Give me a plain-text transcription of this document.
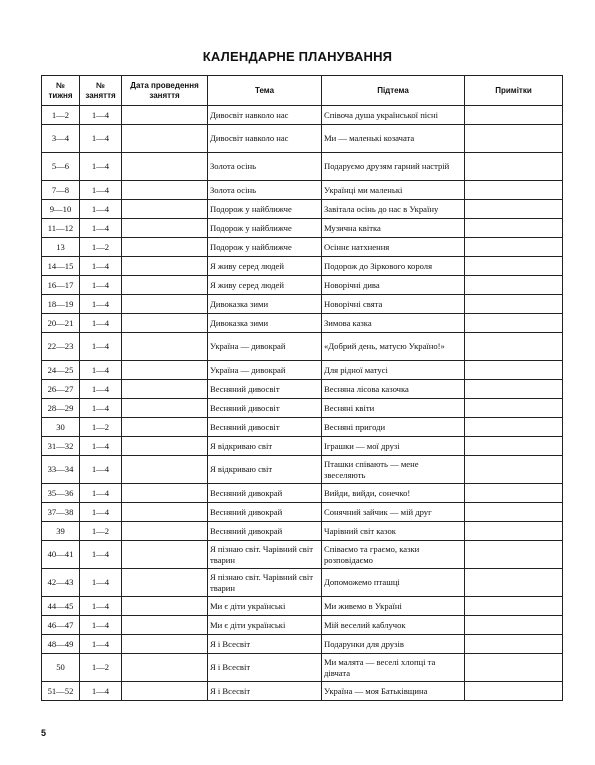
КАЛЕНДАРНЕ ПЛАНУВАННЯ
№ тижня	№ заняття	Дата проведення заняття	Тема	Підтема	Примітки
1—2	1—4		Дивосвіт навколо нас	Співоча душа української пісні	
3—4	1—4		Дивосвіт навколо нас	Ми — маленькі козачата	
5—6	1—4		Золота осінь	Подаруємо друзям гарний настрій	
7—8	1—4		Золота осінь	Українці ми маленькі	
9—10	1—4		Подорож у найближче	Завітала осінь до нас в Україну	
11—12	1—4		Подорож у найближче	Музична квітка	
13	1—2		Подорож у найближче	Осіннє натхнення	
14—15	1—4		Я живу серед людей	Подорож до Зіркового короля	
16—17	1—4		Я живу серед людей	Новорічні дива	
18—19	1—4		Дивоказка зими	Новорічні свята	
20—21	1—4		Дивоказка зими	Зимова казка	
22—23	1—4		Україна — дивокрай	«Добрий день, матусю Україно!»	
24—25	1—4		Україна — дивокрай	Для рідної матусі	
26—27	1—4		Весняний дивосвіт	Весняна лісова казочка	
28—29	1—4		Весняний дивосвіт	Весняні квіти	
30	1—2		Весняний дивосвіт	Весняні пригоди	
31—32	1—4		Я відкриваю світ	Іграшки — мої друзі	
33—34	1—4		Я відкриваю світ	Пташки співають — мене звеселяють	
35—36	1—4		Весняний дивокрай	Вийди, вийди, сонечко!	
37—38	1—4		Весняний дивокрай	Сонячний зайчик — мій друг	
39	1—2		Весняний дивокрай	Чарівний світ казок	
40—41	1—4		Я пізнаю світ. Чарівний світ тварин	Співаємо та граємо, казки розповідаємо	
42—43	1—4		Я пізнаю світ. Чарівний світ тварин	Допоможемо пташці	
44—45	1—4		Ми є діти українські	Ми живемо в Україні	
46—47	1—4		Ми є діти українські	Мій веселий каблучок	
48—49	1—4		Я і Всесвіт	Подарунки для друзів	
50	1—2		Я і Всесвіт	Ми малята — веселі хлопці та дівчата	
51—52	1—4		Я і Всесвіт	Україна — моя Батьківщина	
5
